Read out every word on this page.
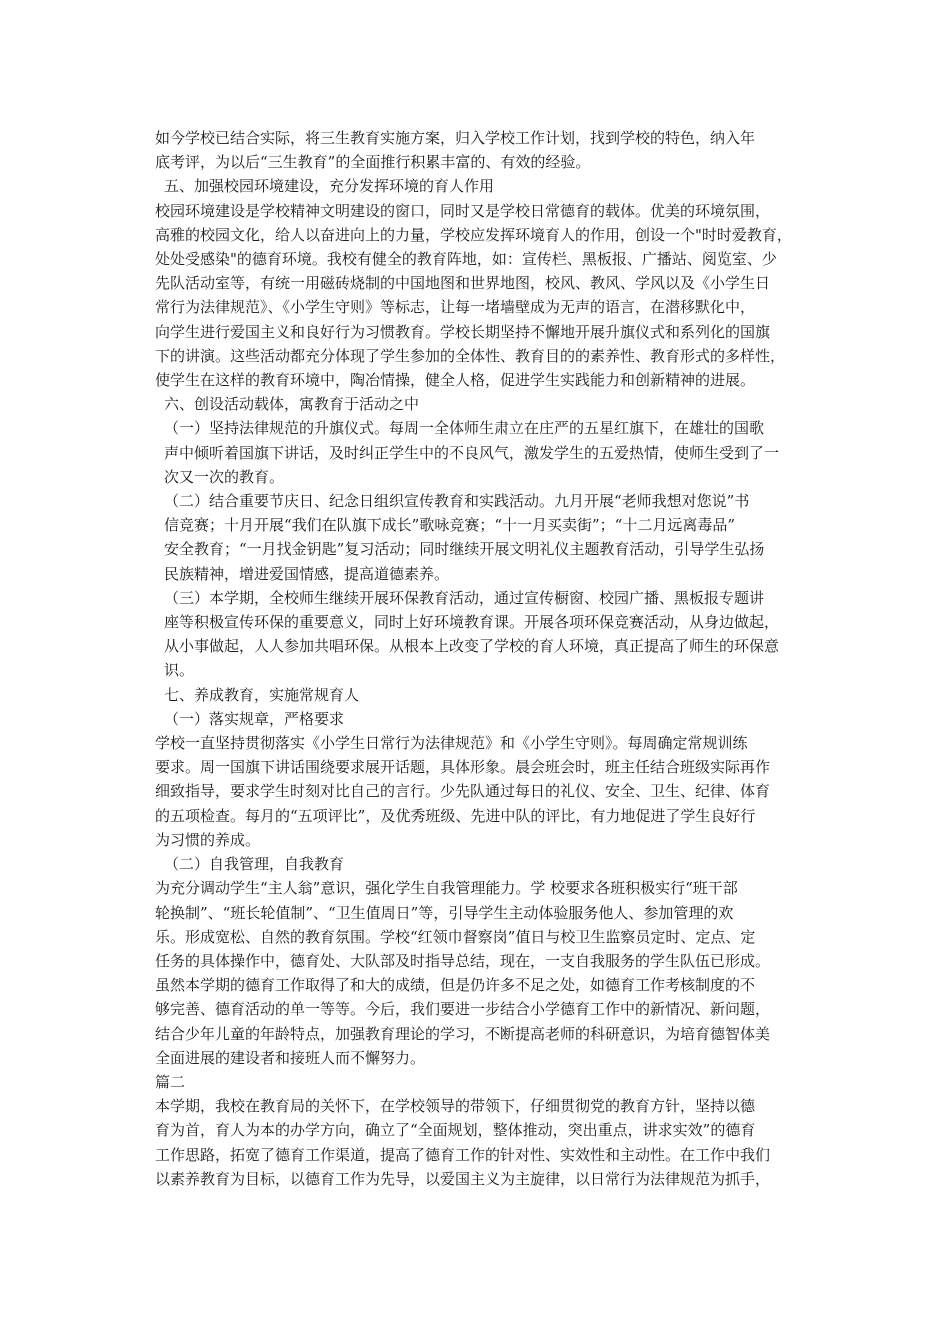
如今学校已结合实际，将三生教育实施方案，归入学校工作计划，找到学校的特色，纳入年
底考评，为以后“三生教育”的全面推行积累丰富的、有效的经验。

五、加强校园环境建设，充分发挥环境的育人作用

校园环境建设是学校精神文明建设的窗口，同时又是学校日常德育的载体。优美的环境氛围，
高雅的校园文化，给人以奋进向上的力量，学校应发挥环境育人的作用，创设一个"时时爱教育，
处处受感染"的德育环境。我校有健全的教育阵地，如：宣传栏、黑板报、广播站、阅览室、少
先队活动室等，有统一用磁砖烧制的中国地图和世界地图，校风、教风、学风以及《小学生日
常行为法律规范》、《小学生守则》等标志，让每一堵墙壁成为无声的语言，在潜移默化中，
向学生进行爱国主义和良好行为习惯教育。学校长期坚持不懈地开展升旗仪式和系列化的国旗
下的讲演。这些活动都充分体现了学生参加的全体性、教育目的的素养性、教育形式的多样性，
使学生在这样的教育环境中，陶冶情操，健全人格，促进学生实践能力和创新精神的进展。

六、创设活动载体，寓教育于活动之中

（一）坚持法律规范的升旗仪式。每周一全体师生肃立在庄严的五星红旗下，在雄壮的国歌
声中倾听着国旗下讲话，及时纠正学生中的不良风气，激发学生的五爱热情，使师生受到了一
次又一次的教育。

（二）结合重要节庆日、纪念日组织宣传教育和实践活动。九月开展“老师我想对您说”书
信竞赛；十月开展“我们在队旗下成长”歌咏竞赛；“十一月买卖街”；“十二月远离毒品”
安全教育；“一月找金钥匙”复习活动；同时继续开展文明礼仪主题教育活动，引导学生弘扬
民族精神，增进爱国情感，提高道德素养。

（三）本学期，全校师生继续开展环保教育活动，通过宣传橱窗、校园广播、黑板报专题讲
座等积极宣传环保的重要意义，同时上好环境教育课。开展各项环保竞赛活动，从身边做起，
从小事做起，人人参加共唱环保。从根本上改变了学校的育人环境，真正提高了师生的环保意
识。

七、养成教育，实施常规育人

（一）落实规章，严格要求

学校一直坚持贯彻落实《小学生日常行为法律规范》和《小学生守则》。每周确定常规训练
要求。周一国旗下讲话围绕要求展开话题，具体形象。晨会班会时，班主任结合班级实际再作
细致指导，要求学生时刻对比自己的言行。少先队通过每日的礼仪、安全、卫生、纪律、体育
的五项检查。每月的“五项评比”，及优秀班级、先进中队的评比，有力地促进了学生良好行
为习惯的养成。

（二）自我管理，自我教育

为充分调动学生“主人翁”意识，强化学生自我管理能力。学 校要求各班积极实行“班干部
轮换制”、“班长轮值制”、“卫生值周日”等，引导学生主动体验服务他人、参加管理的欢
乐。形成宽松、自然的教育氛围。学校“红领巾督察岗”值日与校卫生监察员定时、定点、定
任务的具体操作中，德育处、大队部及时指导总结，现在，一支自我服务的学生队伍已形成。

虽然本学期的德育工作取得了和大的成绩，但是仍许多不足之处，如德育工作考核制度的不
够完善、德育活动的单一等等。今后，我们要进一步结合小学德育工作中的新情况、新问题，
结合少年儿童的年龄特点，加强教育理论的学习，不断提高老师的科研意识，为培育德智体美
全面进展的建设者和接班人而不懈努力。

篇二

本学期，我校在教育局的关怀下，在学校领导的带领下，仔细贯彻党的教育方针，坚持以德
育为首，育人为本的办学方向，确立了“全面规划，整体推动，突出重点，讲求实效”的德育
工作思路，拓宽了德育工作渠道，提高了德育工作的针对性、实效性和主动性。在工作中我们
以素养教育为目标，以德育工作为先导，以爱国主义为主旋律，以日常行为法律规范为抓手，
